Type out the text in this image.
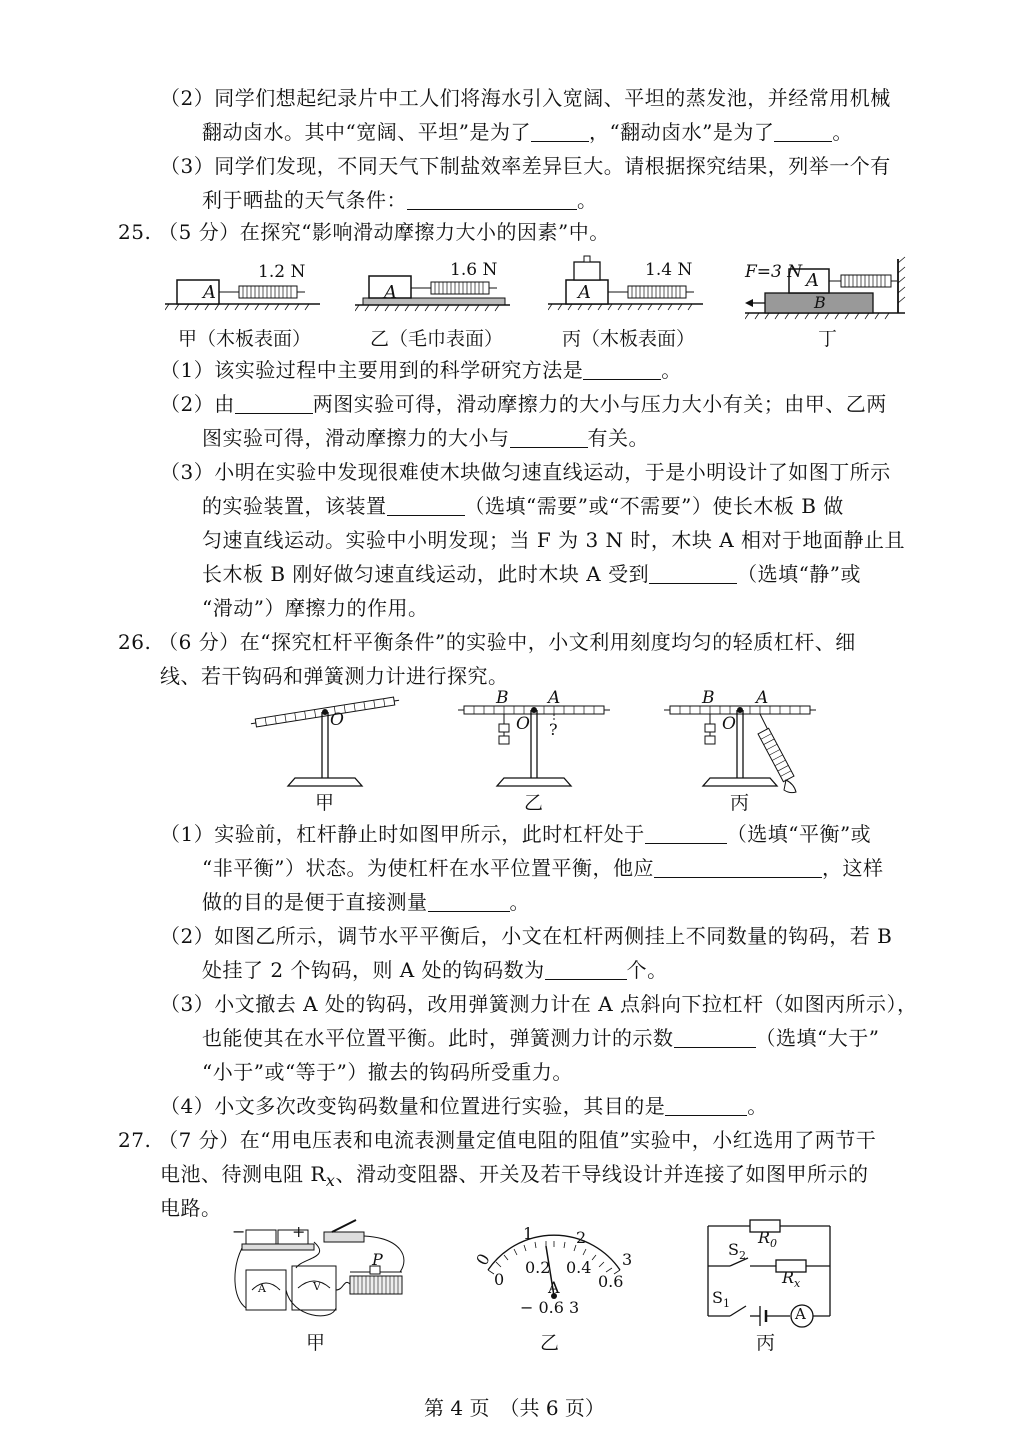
（2）同学们想起纪录片中工人们将海水引入宽阔、平坦的蒸发池，并经常用机械
翻动卤水。其中“宽阔、平坦”是为了	，“翻动卤水”是为了	。
（3）同学们发现，不同天气下制盐效率差异巨大。请根据探究结果，列举一个有
利于晒盐的天气条件：	。
25. （5 分）在探究“影响滑动摩擦力大小的因素”中。
A
1.2 N
甲（木板表面）
A
1.6 N
乙（毛巾表面）
A
1.4 N
丙（木板表面）
F=3 N A
B
丁
（1）该实验过程中主要用到的科学研究方法是	。
（2）由	两图实验可得，滑动摩擦力的大小与压力大小有关；由甲、乙两
图实验可得，滑动摩擦力的大小与	有关。
（3）小明在实验中发现很难使木块做匀速直线运动，于是小明设计了如图丁所示
的实验装置，该装置	（选填“需要”或“不需要”）使长木板 B 做
匀速直线运动。实验中小明发现；当 F 为 3 N 时，木块 A 相对于地面静止且
长木板 B 刚好做匀速直线运动，此时木块 A 受到	（选填“静”或
“滑动”）摩擦力的作用。
26. （6 分）在“探究杠杆平衡条件”的实验中，小文利用刻度均匀的轻质杠杆、细
线、若干钩码和弹簧测力计进行探究。
O
甲
B A
O ?
乙
B A
O
丙
（1）实验前，杠杆静止时如图甲所示，此时杠杆处于	（选填“平衡”或
“非平衡”）状态。为使杠杆在水平位置平衡，他应	，这样
做的目的是便于直接测量	。
（2）如图乙所示，调节水平平衡后，小文在杠杆两侧挂上不同数量的钩码，若 B
处挂了 2 个钩码，则 A 处的钩码数为	个。
（3）小文撤去 A 处的钩码，改用弹簧测力计在 A 点斜向下拉杠杆（如图丙所示），
也能使其在水平位置平衡。此时，弹簧测力计的示数	（选填“大于”
“小于”或“等于”）撤去的钩码所受重力。
（4）小文多次改变钩码数量和位置进行实验，其目的是	。
27. （7 分）在“用电压表和电流表测量定值电阻的阻值”实验中，小红选用了两节干
电池、待测电阻 $R_x$、滑动变阻器、开关及若干导线设计并连接了如图甲所示的
电路。
−	+
P
A	V
甲
0
1	2
3
0
0.2 0.4
0.6
A
− 0.6 3
乙
$R_0$
$R_x$
$S_2$
$S_1$
A
丙
第 4 页　（共 6 页）
